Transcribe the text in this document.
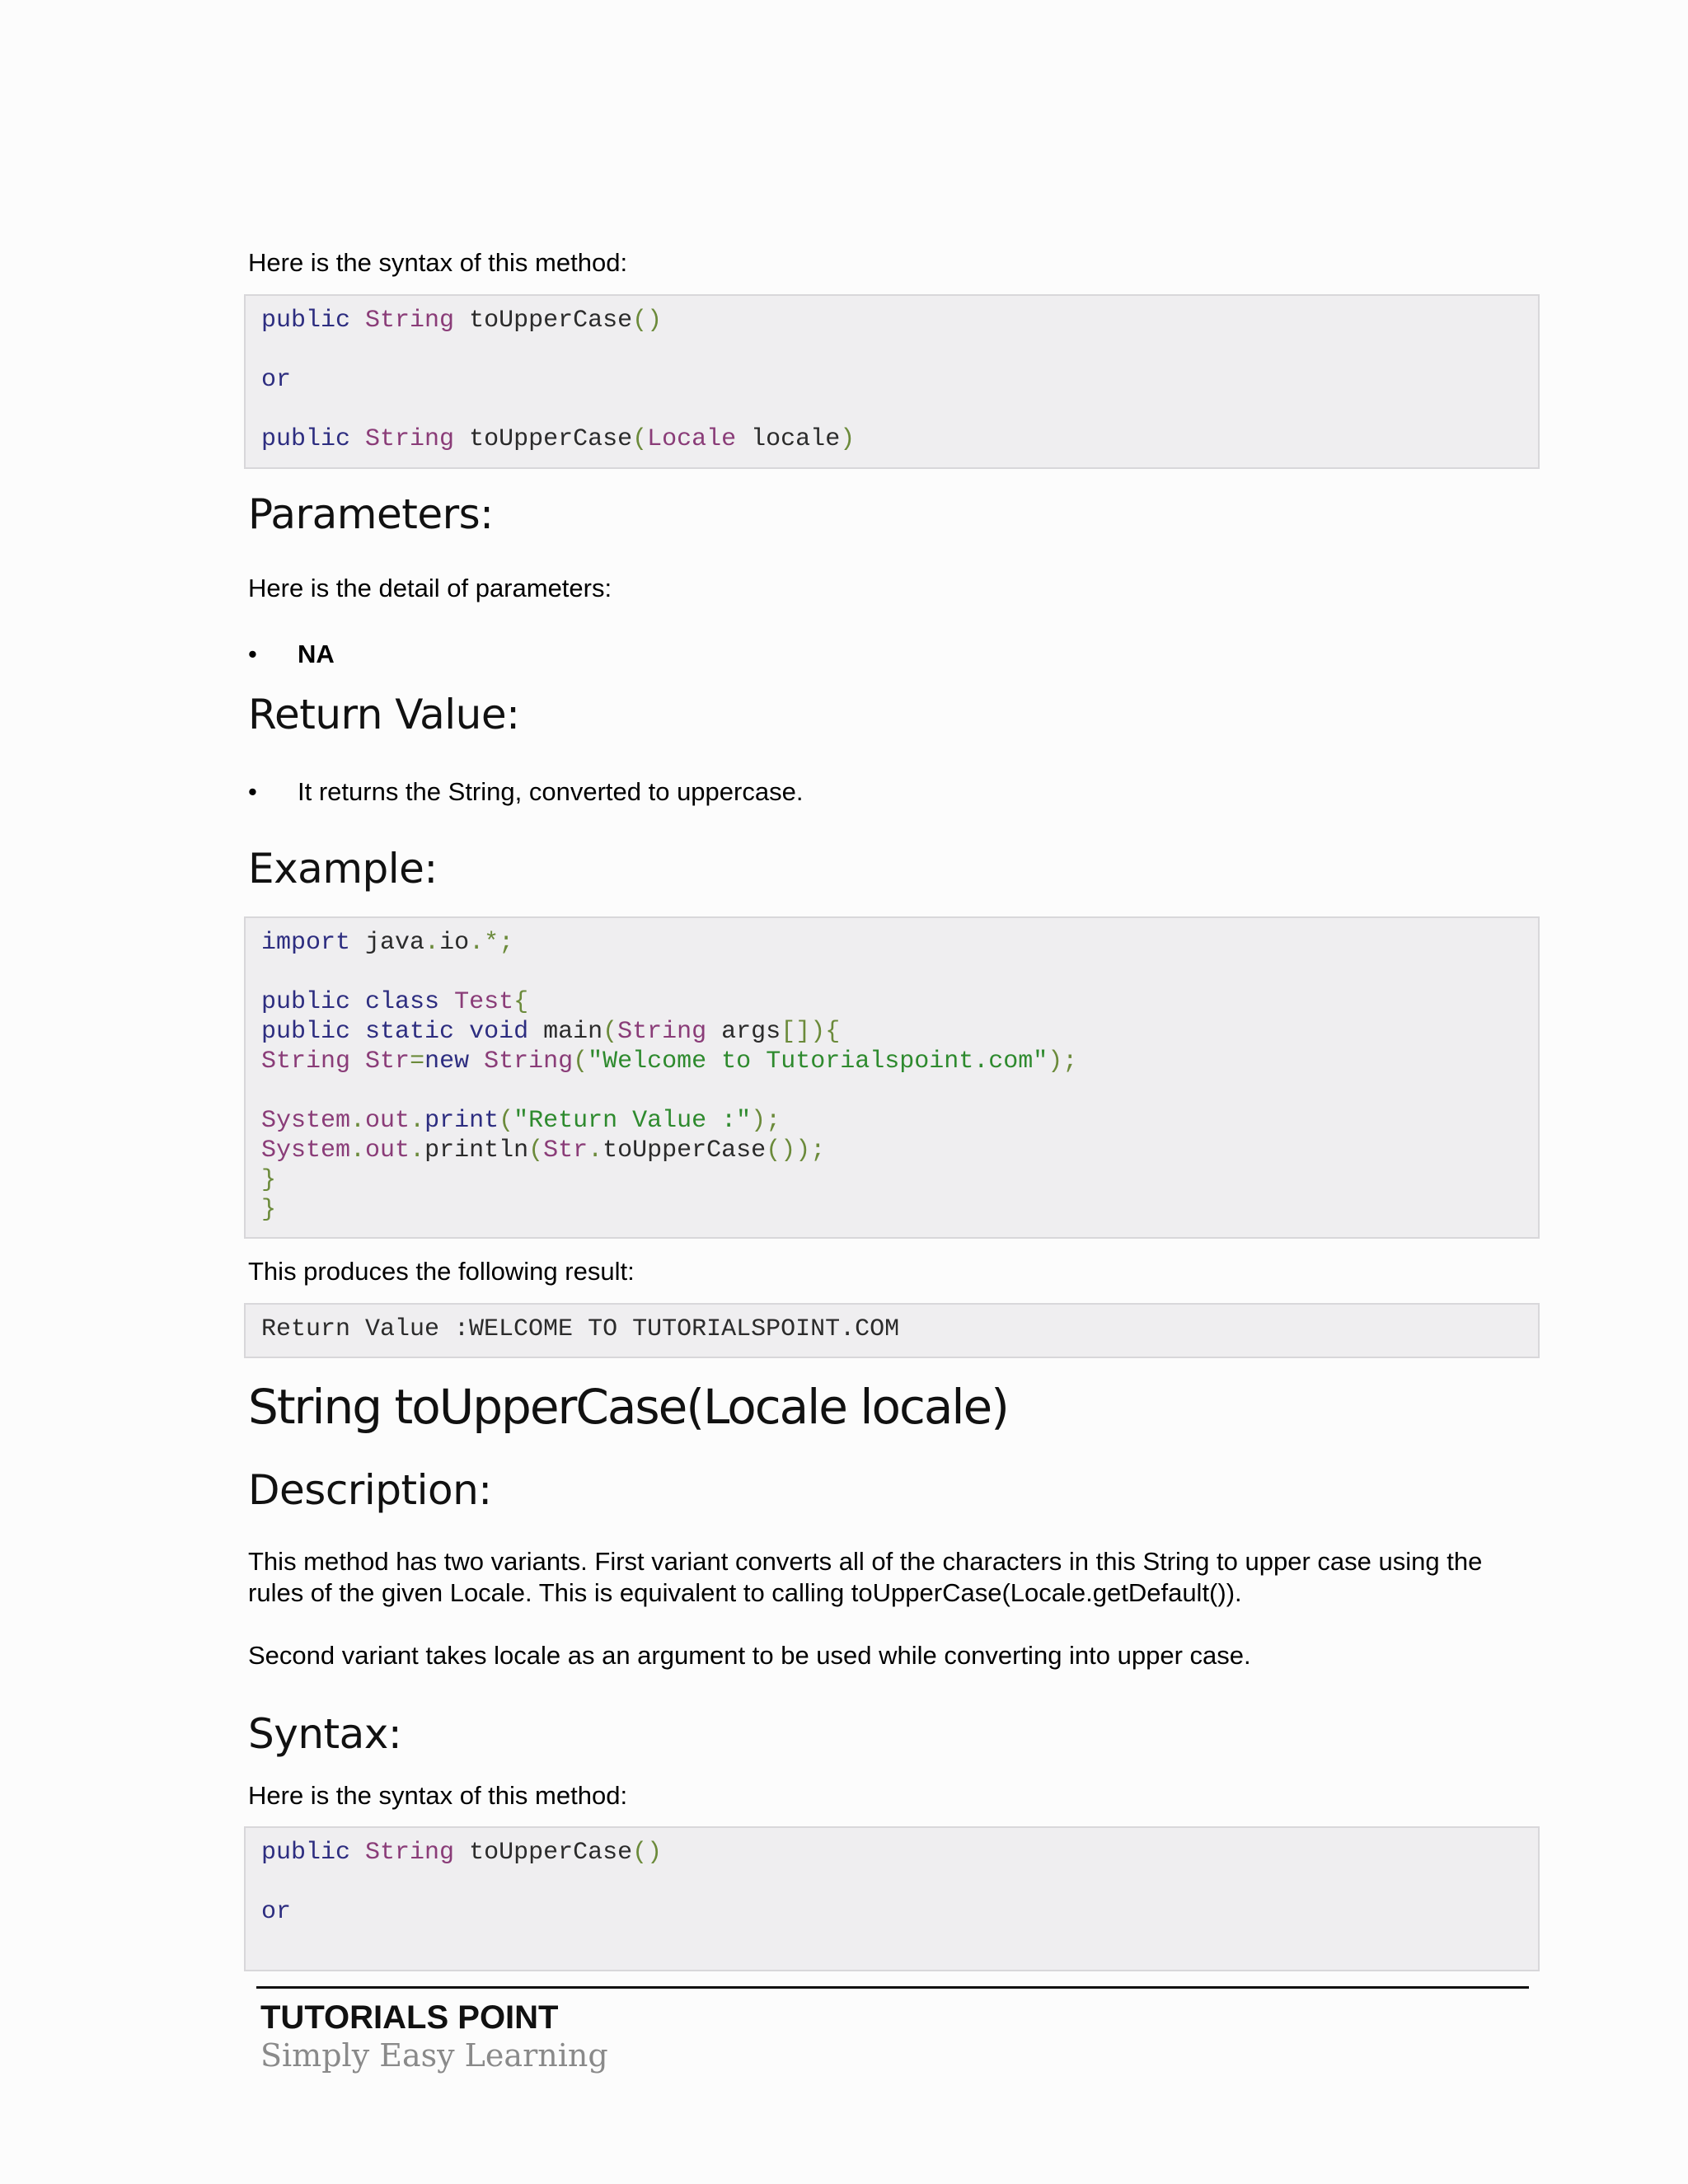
Here is the syntax of this method:

public String toUpperCase()
or
public String toUpperCase(Locale locale)
Parameters:

Here is the detail of parameters:

• NA
Return Value:
• It returns the String, converted to uppercase.
Example:
import java.io.*;
public class Test{
public static void main(String args[]){
String Str=new String("Welcome to Tutorialspoint.com");
System.out.print("Return Value :");
System.out.println(Str.toUpperCase());
}
}

This produces the following result:

Return Value :WELCOME TO TUTORIALSPOINT.COM
String toUpperCase(Locale locale)
Description:

This method has two variants. First variant converts all of the characters in this String to upper case using the

rules of the given Locale. This is equivalent to calling toUpperCase(Locale.getDefault()).

Second variant takes locale as an argument to be used while converting into upper case.

Syntax:

Here is the syntax of this method:

public String toUpperCase()
or

TUTORIALS POINT

Simply Easy Learning
